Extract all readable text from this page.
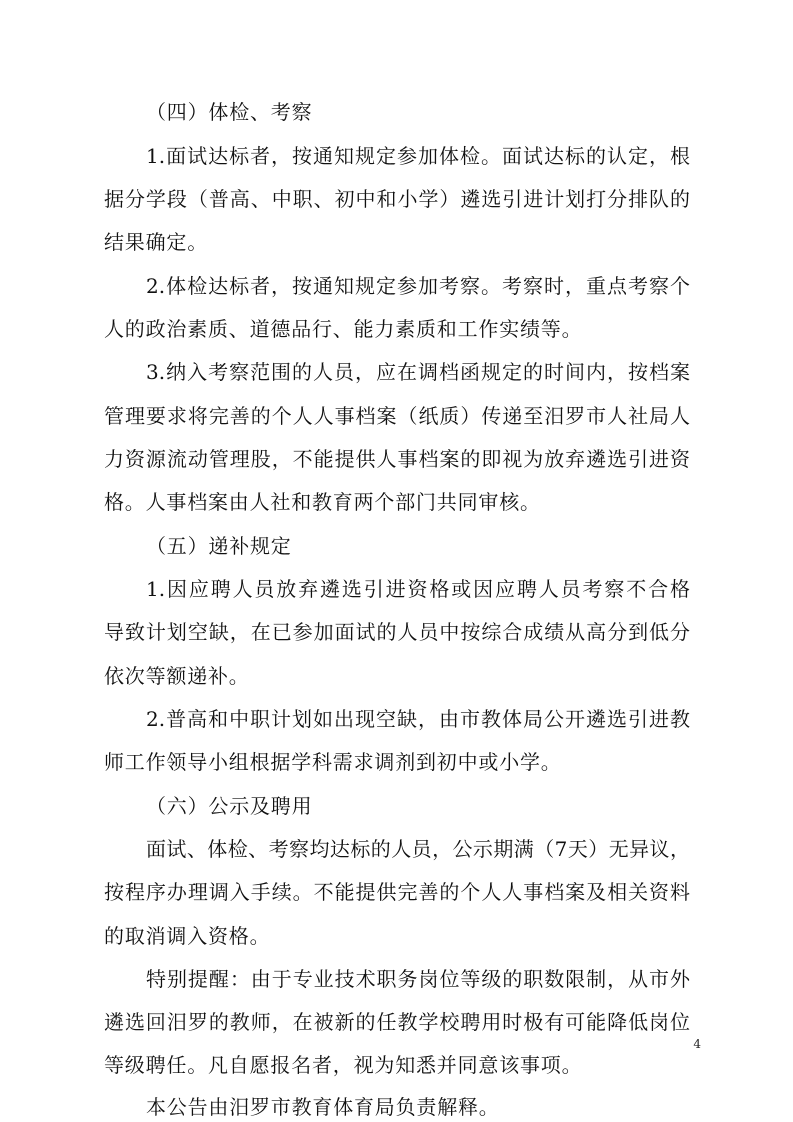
（四）体检、考察
1.面试达标者，按通知规定参加体检。面试达标的认定，根
据分学段（普高、中职、初中和小学）遴选引进计划打分排队的
结果确定。
2.体检达标者，按通知规定参加考察。考察时，重点考察个
人的政治素质、道德品行、能力素质和工作实绩等。
3.纳入考察范围的人员，应在调档函规定的时间内，按档案
管理要求将完善的个人人事档案（纸质）传递至汨罗市人社局人
力资源流动管理股，不能提供人事档案的即视为放弃遴选引进资
格。人事档案由人社和教育两个部门共同审核。
（五）递补规定
1.因应聘人员放弃遴选引进资格或因应聘人员考察不合格
导致计划空缺，在已参加面试的人员中按综合成绩从高分到低分
依次等额递补。
2.普高和中职计划如出现空缺，由市教体局公开遴选引进教
师工作领导小组根据学科需求调剂到初中或小学。
（六）公示及聘用
面试、体检、考察均达标的人员，公示期满（7天）无异议，
按程序办理调入手续。不能提供完善的个人人事档案及相关资料
的取消调入资格。
特别提醒：由于专业技术职务岗位等级的职数限制，从市外
遴选回汨罗的教师，在被新的任教学校聘用时极有可能降低岗位
等级聘任。凡自愿报名者，视为知悉并同意该事项。
本公告由汨罗市教育体育局负责解释。
4
